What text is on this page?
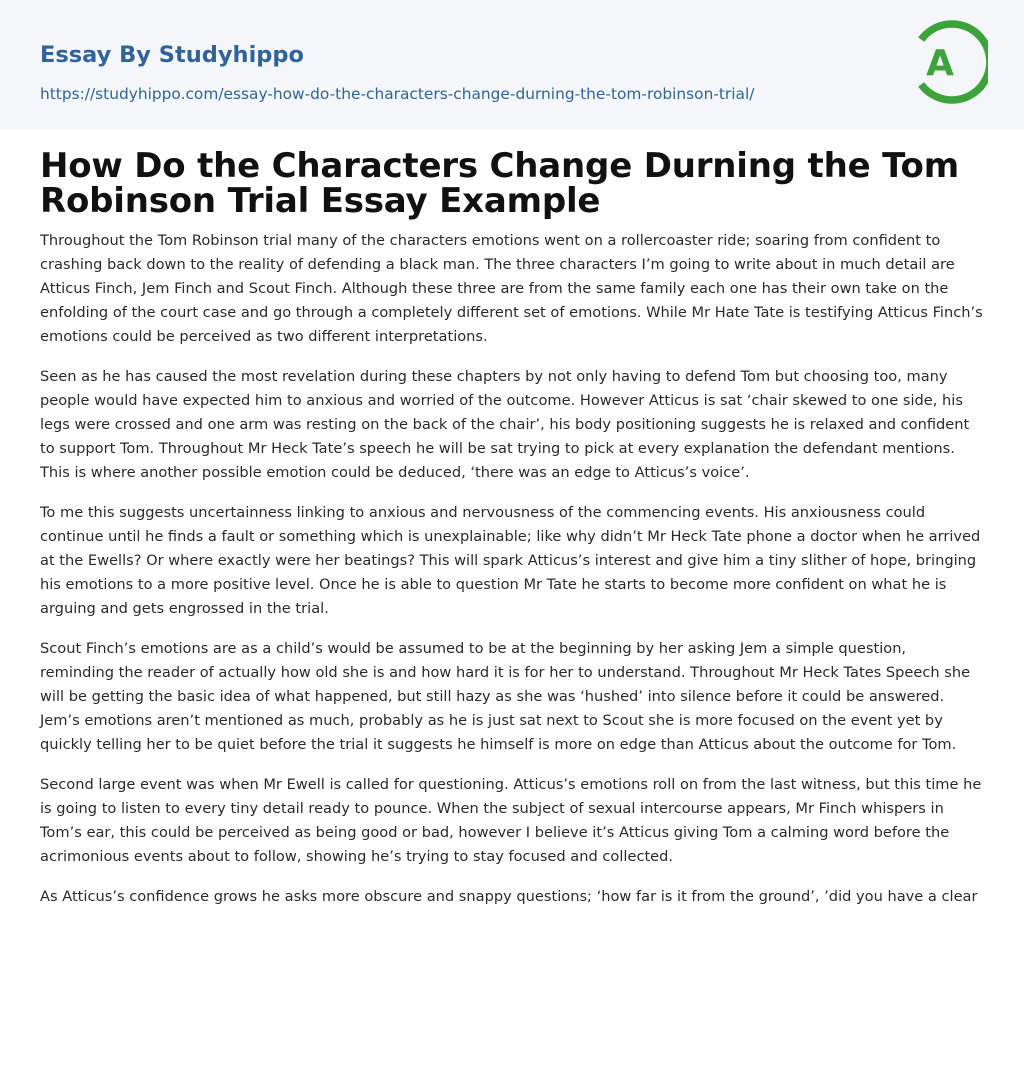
Essay By Studyhippo
https://studyhippo.com/essay-how-do-the-characters-change-durning-the-tom-robinson-trial/
A
How Do the Characters Change Durning the Tom Robinson Trial Essay Example

Throughout the Tom Robinson trial many of the characters emotions went on a rollercoaster ride; soaring from confident to crashing back down to the reality of defending a black man. The three characters I’m going to write about in much detail are Atticus Finch, Jem Finch and Scout Finch. Although these three are from the same family each one has their own take on the enfolding of the court case and go through a completely different set of emotions. While Mr Hate Tate is testifying Atticus Finch’s emotions could be perceived as two different interpretations.

Seen as he has caused the most revelation during these chapters by not only having to defend Tom but choosing too, many people would have expected him to anxious and worried of the outcome. However Atticus is sat ‘chair skewed to one side, his legs were crossed and one arm was resting on the back of the chair’, his body positioning suggests he is relaxed and confident to support Tom. Throughout Mr Heck Tate’s speech he will be sat trying to pick at every explanation the defendant mentions. This is where another possible emotion could be deduced, ‘there was an edge to Atticus’s voice’.

To me this suggests uncertainness linking to anxious and nervousness of the commencing events. His anxiousness could continue until he finds a fault or something which is unexplainable; like why didn’t Mr Heck Tate phone a doctor when he arrived at the Ewells? Or where exactly were her beatings? This will spark Atticus’s interest and give him a tiny slither of hope, bringing his emotions to a more positive level. Once he is able to question Mr Tate he starts to become more confident on what he is arguing and gets engrossed in the trial.

Scout Finch’s emotions are as a child’s would be assumed to be at the beginning by her asking Jem a simple question, reminding the reader of actually how old she is and how hard it is for her to understand. Throughout Mr Heck Tates Speech she will be getting the basic idea of what happened, but still hazy as she was ‘hushed’ into silence before it could be answered. Jem’s emotions aren’t mentioned as much, probably as he is just sat next to Scout she is more focused on the event yet by quickly telling her to be quiet before the trial it suggests he himself is more on edge than Atticus about the outcome for Tom.

Second large event was when Mr Ewell is called for questioning. Atticus’s emotions roll on from the last witness, but this time he is going to listen to every tiny detail ready to pounce. When the subject of sexual intercourse appears, Mr Finch whispers in Tom’s ear, this could be perceived as being good or bad, however I believe it’s Atticus giving Tom a calming word before the acrimonious events about to follow, showing he’s trying to stay focused and collected.

As Atticus’s confidence grows he asks more obscure and snappy questions; ‘how far is it from the ground’, ’did you have a clear
